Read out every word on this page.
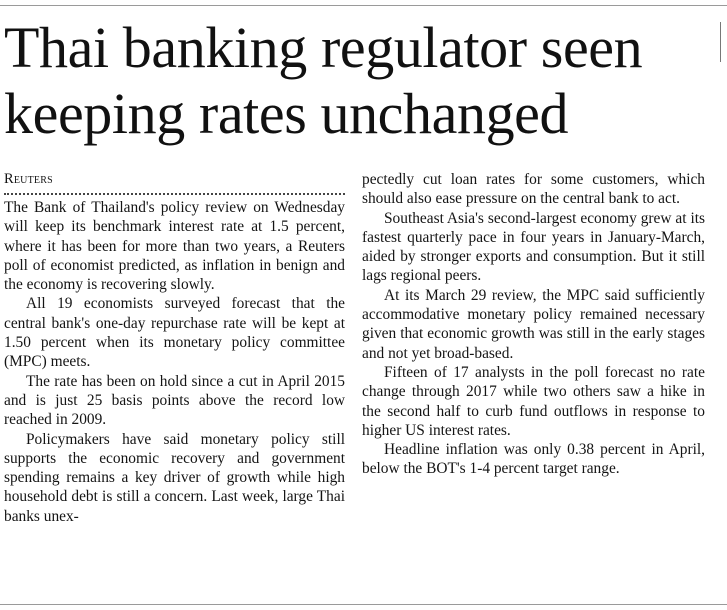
Thai banking regulator seen keeping rates unchanged
Reuters

The Bank of Thailand's policy review on Wednesday will keep its benchmark interest rate at 1.5 percent, where it has been for more than two years, a Reuters poll of economist predicted, as inflation in benign and the economy is recovering slowly.

All 19 economists surveyed forecast that the central bank's one-day repurchase rate will be kept at 1.50 percent when its monetary policy committee (MPC) meets.

The rate has been on hold since a cut in April 2015 and is just 25 basis points above the record low reached in 2009.

Policymakers have said monetary policy still supports the economic recovery and government spending remains a key driver of growth while high household debt is still a concern. Last week, large Thai banks unex-

pectedly cut loan rates for some customers, which should also ease pressure on the central bank to act.

Southeast Asia's second-largest economy grew at its fastest quarterly pace in four years in January-March, aided by stronger exports and consumption. But it still lags regional peers.

At its March 29 review, the MPC said sufficiently accommodative monetary policy remained necessary given that economic growth was still in the early stages and not yet broad-based.

Fifteen of 17 analysts in the poll forecast no rate change through 2017 while two others saw a hike in the second half to curb fund outflows in response to higher US interest rates.

Headline inflation was only 0.38 percent in April, below the BOT's 1-4 percent target range.
